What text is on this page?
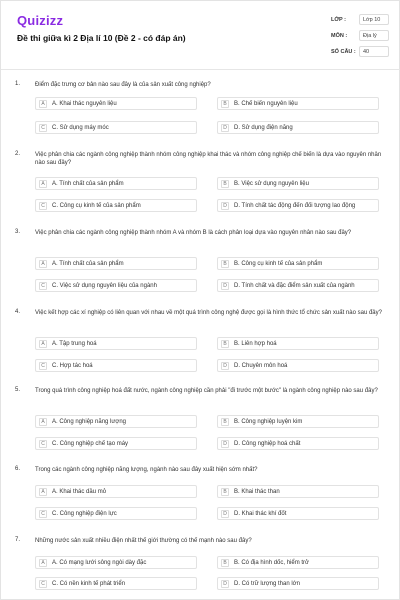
Quizizz
Đề thi giữa kì 2 Địa lí 10 (Đề 2 - có đáp án)
LỚP :	Lớp 10
MÔN :	Địa lý
SỐ CÂU : 40
1. Điểm đặc trưng cơ bản nào sau đây là của sản xuất công nghiệp?
A	A. Khai thác nguyên liệu	B	B. Chế biến nguyên liệu
C	C. Sử dụng máy móc	D	D. Sử dụng điện năng
2. Việc phân chia các ngành công nghiệp thành nhóm công nghiệp khai thác và nhóm công nghiệp chế biến là dựa vào nguyên nhân nào sau đây?
A	A. Tính chất của sản phẩm	B	B. Việc sử dụng nguyên liệu
C	C. Công cụ kinh tế của sản phẩm	D	D. Tính chất tác động đến đối tượng lao động
3. Việc phân chia các ngành công nghiệp thành nhóm A và nhóm B là cách phân loại dựa vào nguyên nhân nào sau đây?
A	A. Tính chất của sản phẩm	B	B. Công cụ kinh tế của sản phẩm
C	C. Việc sử dụng nguyên liệu của ngành	D	D. Tính chất và đặc điểm sản xuất của ngành
4. Việc kết hợp các xí nghiệp có liên quan với nhau về một quá trình công nghệ được gọi là hình thức tổ chức sản xuất nào sau đây?
A	A. Tập trung hoá	B	B. Liên hợp hoá
C	C. Hợp tác hoá	D	D. Chuyên môn hoá
5. Trong quá trình công nghiệp hoá đất nước, ngành công nghiệp cần phải "đi trước một bước" là ngành công nghiệp nào sau đây?
A	A. Công nghiệp năng lượng	B	B. Công nghiệp luyện kim
C	C. Công nghiệp chế tạo máy	D	D. Công nghiệp hoá chất
6. Trong các ngành công nghiệp năng lượng, ngành nào sau đây xuất hiện sớm nhất?
A	A. Khai thác dầu mỏ	B	B. Khai thác than
C	C. Công nghiệp điện lực	D	D. Khai thác khí đốt
7. Những nước sản xuất nhiều điện nhất thế giới thường có thế mạnh nào sau đây?
A	A. Có mạng lưới sông ngòi dày đặc	B	B. Có địa hình dốc, hiểm trở
C	C. Có nền kinh tế phát triển	D	D. Có trữ lượng than lớn
